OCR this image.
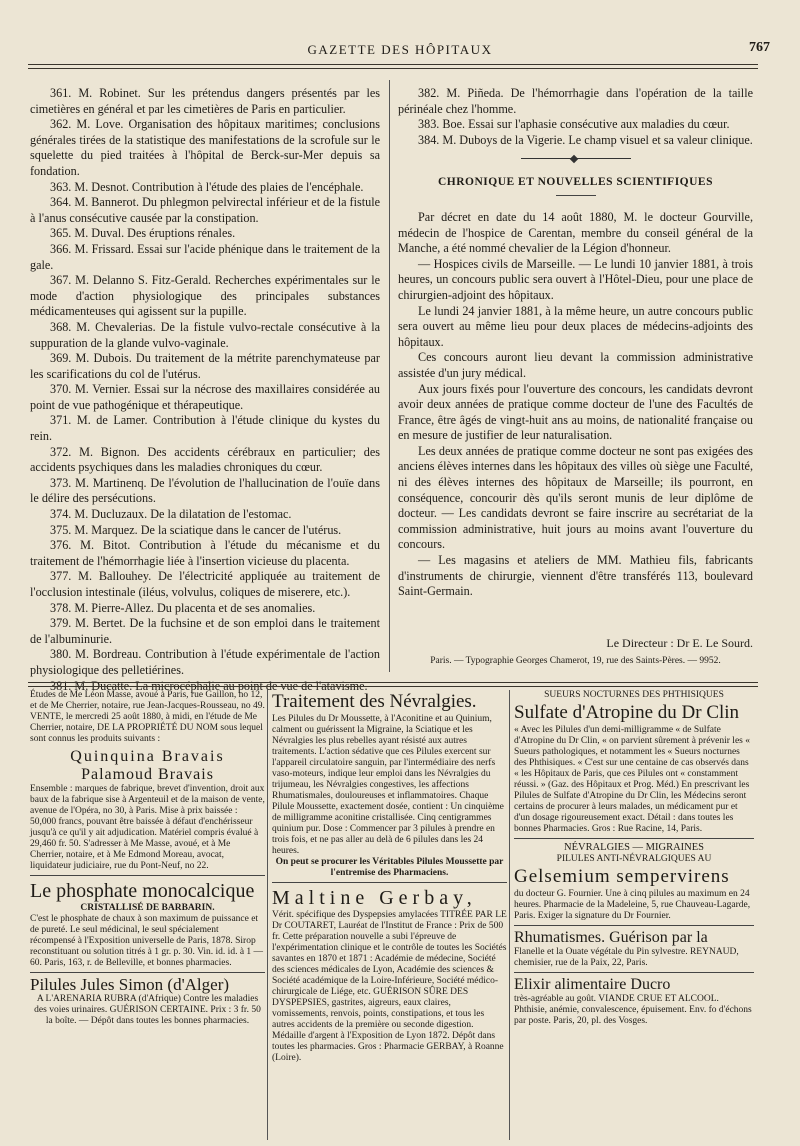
GAZETTE DES HÔPITAUX	767

361. M. Robinet. Sur les prétendus dangers présentés par les cimetières en général et par les cimetières de Paris en particulier.

362. M. Love. Organisation des hôpitaux maritimes; conclusions générales tirées de la statistique des manifestations de la scrofule sur le squelette du pied traitées à l'hôpital de Berck-sur-Mer depuis sa fondation.

363. M. Desnot. Contribution à l'étude des plaies de l'encéphale.

364. M. Bannerot. Du phlegmon pelvirectal inférieur et de la fistule à l'anus consécutive causée par la constipation.

365. M. Duval. Des éruptions rénales.

366. M. Frissard. Essai sur l'acide phénique dans le traitement de la gale.

367. M. Delanno S. Fitz-Gerald. Recherches expérimentales sur le mode d'action physiologique des principales substances médicamenteuses qui agissent sur la pupille.

368. M. Chevalerias. De la fistule vulvo-rectale consécutive à la suppuration de la glande vulvo-vaginale.

369. M. Dubois. Du traitement de la métrite parenchymateuse par les scarifications du col de l'utérus.

370. M. Vernier. Essai sur la nécrose des maxillaires considérée au point de vue pathogénique et thérapeutique.

371. M. de Lamer. Contribution à l'étude clinique du kystes du rein.

372. M. Bignon. Des accidents cérébraux en particulier; des accidents psychiques dans les maladies chroniques du cœur.

373. M. Martinenq. De l'évolution de l'hallucination de l'ouïe dans le délire des persécutions.

374. M. Ducluzaux. De la dilatation de l'estomac.

375. M. Marquez. De la sciatique dans le cancer de l'utérus.

376. M. Bitot. Contribution à l'étude du mécanisme et du traitement de l'hémorrhagie liée à l'insertion vicieuse du placenta.

377. M. Ballouhey. De l'électricité appliquée au traitement de l'occlusion intestinale (iléus, volvulus, coliques de miserere, etc.).

378. M. Pierre-Allez. Du placenta et de ses anomalies.

379. M. Bertet. De la fuchsine et de son emploi dans le traitement de l'albuminurie.

380. M. Bordreau. Contribution à l'étude expérimentale de l'action physiologique des pelletiérines.

381. M. Ducatte. La microcéphalie au point de vue de l'atavisme.

382. M. Piñeda. De l'hémorrhagie dans l'opération de la taille périnéale chez l'homme.

383. Boe. Essai sur l'aphasie consécutive aux maladies du cœur.

384. M. Duboys de la Vigerie. Le champ visuel et sa valeur clinique.

CHRONIQUE ET NOUVELLES SCIENTIFIQUES

Par décret en date du 14 août 1880, M. le docteur Gourville, médecin de l'hospice de Carentan, membre du conseil général de la Manche, a été nommé chevalier de la Légion d'honneur.

— Hospices civils de Marseille. — Le lundi 10 janvier 1881, à trois heures, un concours public sera ouvert à l'Hôtel-Dieu, pour une place de chirurgien-adjoint des hôpitaux.

Le lundi 24 janvier 1881, à la même heure, un autre concours public sera ouvert au même lieu pour deux places de médecins-adjoints des hôpitaux.

Ces concours auront lieu devant la commission administrative assistée d'un jury médical.

Aux jours fixés pour l'ouverture des concours, les candidats devront avoir deux années de pratique comme docteur de l'une des Facultés de France, être âgés de vingt-huit ans au moins, de nationalité française ou en mesure de justifier de leur naturalisation.

Les deux années de pratique comme docteur ne sont pas exigées des anciens élèves internes dans les hôpitaux des villes où siège une Faculté, ni des élèves internes des hôpitaux de Marseille; ils pourront, en conséquence, concourir dès qu'ils seront munis de leur diplôme de docteur. — Les candidats devront se faire inscrire au secrétariat de la commission administrative, huit jours au moins avant l'ouverture du concours.

— Les magasins et ateliers de MM. Mathieu fils, fabricants d'instruments de chirurgie, viennent d'être transférés 113, boulevard Saint-Germain.

Le Directeur : Dr E. Le Sourd.
Paris. — Typographie Georges Chamerot, 19, rue des Saints-Pères. — 9952.
Études de Me Léon Masse, avoué à Paris, rue Gaillon, no 12, et de Me Cherrier, notaire, rue Jean-Jacques-Rousseau, no 49. VENTE, le mercredi 25 août 1880, à midi, en l'étude de Me Cherrier, notaire, DE LA PROPRIÉTÉ DU NOM sous lequel sont connus les produits suivants :
Quinquina Bravais
Palamoud Bravais
Ensemble : marques de fabrique, brevet d'invention, droit aux baux de la fabrique sise à Argenteuil et de la maison de vente, avenue de l'Opéra, no 30, à Paris. Mise à prix baissée : 50,000 francs, pouvant être baissée à défaut d'enchérisseur jusqu'à ce qu'il y ait adjudication. Matériel compris évalué à 29,460 fr. 50. S'adresser à Me Masse, avoué, et à Me Cherrier, notaire, et à Me Edmond Moreau, avocat, liquidateur judiciaire, rue du Pont-Neuf, no 22.
Le phosphate monocalcique
CRISTALLISÉ DE BARBARIN.
C'est le phosphate de chaux à son maximum de puissance et de pureté. Le seul médicinal, le seul spécialement récompensé à l'Exposition universelle de Paris, 1878. Sirop reconstituant ou solution titrés à 1 gr. p. 30. Vin. id. id. à 1 — 60. Paris, 163, r. de Belleville, et bonnes pharmacies.
Pilules Jules Simon (d'Alger)
A L'ARENARIA RUBRA (d'Afrique) Contre les maladies des voies urinaires. GUÉRISON CERTAINE. Prix : 3 fr. 50 la boîte. — Dépôt dans toutes les bonnes pharmacies.
Traitement des Névralgies.
Les Pilules du Dr Moussette, à l'Aconitine et au Quinium, calment ou guérissent la Migraine, la Sciatique et les Névralgies les plus rebelles ayant résisté aux autres traitements. L'action sédative que ces Pilules exercent sur l'appareil circulatoire sanguin, par l'intermédiaire des nerfs vaso-moteurs, indique leur emploi dans les Névralgies du trijumeau, les Névralgies congestives, les affections Rhumatismales, douloureuses et inflammatoires. Chaque Pilule Moussette, exactement dosée, contient : Un cinquième de milligramme aconitine cristallisée. Cinq centigrammes quinium pur. Dose : Commencer par 3 pilules à prendre en trois fois, et ne pas aller au delà de 6 pilules dans les 24 heures.
On peut se procurer les Véritables Pilules Moussette par l'entremise des Pharmaciens.
Maltine Gerbay,
Vérit. spécifique des Dyspepsies amylacées TITRÉE PAR LE Dr COUTARET, Lauréat de l'Institut de France : Prix de 500 fr. Cette préparation nouvelle a subi l'épreuve de l'expérimentation clinique et le contrôle de toutes les Sociétés savantes en 1870 et 1871 : Académie de médecine, Société des sciences médicales de Lyon, Académie des sciences & Société académique de la Loire-Inférieure, Société médico-chirurgicale de Liége, etc. GUÉRISON SÛRE DES DYSPEPSIES, gastrites, aigreurs, eaux claires, vomissements, renvois, points, constipations, et tous les autres accidents de la première ou seconde digestion. Médaille d'argent à l'Exposition de Lyon 1872. Dépôt dans toutes les pharmacies. Gros : Pharmacie GERBAY, à Roanne (Loire).
SUEURS NOCTURNES DES PHTHISIQUES
Sulfate d'Atropine du Dr Clin
« Avec les Pilules d'un demi-milligramme « de Sulfate d'Atropine du Dr Clin, « on parvient sûrement à prévenir les « Sueurs pathologiques, et notamment les « Sueurs nocturnes des Phthisiques. « C'est sur une centaine de cas observés dans « les Hôpitaux de Paris, que ces Pilules ont « constamment réussi. » (Gaz. des Hôpitaux et Prog. Méd.) En prescrivant les Pilules de Sulfate d'Atropine du Dr Clin, les Médecins seront certains de procurer à leurs malades, un médicament pur et d'un dosage rigoureusement exact. Détail : dans toutes les bonnes Pharmacies. Gros : Rue Racine, 14, Paris.
NÉVRALGIES — MIGRAINES
PILULES ANTI-NÉVRALGIQUES AU
Gelsemium sempervirens
du docteur G. Fournier. Une à cinq pilules au maximum en 24 heures. Pharmacie de la Madeleine, 5, rue Chauveau-Lagarde, Paris. Exiger la signature du Dr Fournier.
Rhumatismes. Guérison par la
Flanelle et la Ouate végétale du Pin sylvestre. REYNAUD, chemisier, rue de la Paix, 22, Paris.
Elixir alimentaire Ducro
très-agréable au goût. VIANDE CRUE ET ALCOOL. Phthisie, anémie, convalescence, épuisement. Env. fo d'échons par poste. Paris, 20, pl. des Vosges.
